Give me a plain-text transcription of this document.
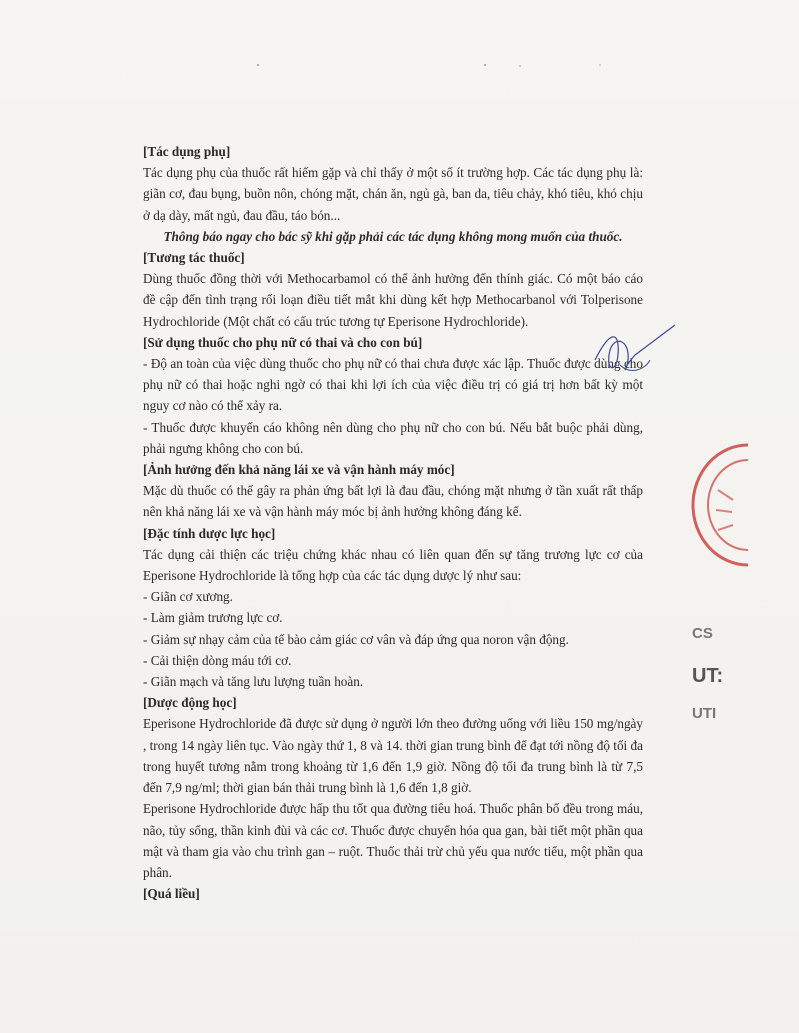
[Tác dụng phụ]

Tác dụng phụ của thuốc rất hiếm gặp và chỉ thấy ở một số ít trường hợp. Các tác dụng phụ là: giãn cơ, đau bụng, buồn nôn, chóng mặt, chán ăn, ngủ gà, ban da, tiêu chảy, khó tiêu, khó chịu ở dạ dày, mất ngủ, đau đầu, táo bón...

Thông báo ngay cho bác sỹ khi gặp phải các tác dụng không mong muốn của thuốc.

[Tương tác thuốc]

Dùng thuốc đồng thời với Methocarbamol có thể ảnh hưởng đến thính giác. Có một báo cáo đề cập đến tình trạng rối loạn điều tiết mắt khi dùng kết hợp Methocarbanol với Tolperisone Hydrochloride (Một chất có cấu trúc tương tự Eperisone Hydrochloride).

[Sử dụng thuốc cho phụ nữ có thai và cho con bú]

- Độ an toàn của việc dùng thuốc cho phụ nữ có thai chưa được xác lập. Thuốc được dùng cho phụ nữ có thai hoặc nghi ngờ có thai khi lợi ích của việc điều trị có giá trị hơn bất kỳ một nguy cơ nào có thể xảy ra.

- Thuốc được khuyến cáo không nên dùng cho phụ nữ cho con bú. Nếu bắt buộc phải dùng, phải ngưng không cho con bú.

[Ảnh hưởng đến khả năng lái xe và vận hành máy móc]

Mặc dù thuốc có thể gây ra phản ứng bất lợi là đau đầu, chóng mặt nhưng ở tần xuất rất thấp nên khả năng lái xe và vận hành máy móc bị ảnh hưởng không đáng kể.

[Đặc tính dược lực học]

Tác dụng cải thiện các triệu chứng khác nhau có liên quan đến sự tăng trương lực cơ của Eperisone Hydrochloride là tổng hợp của các tác dụng dược lý như sau:

- Giãn cơ xương.

- Làm giảm trương lực cơ.

- Giảm sự nhạy cảm của tế bào cảm giác cơ vân và đáp ứng qua noron vận động.

- Cải thiện dòng máu tới cơ.

- Giãn mạch và tăng lưu lượng tuần hoàn.

[Dược động học]

Eperisone Hydrochloride đã được sử dụng ở người lớn theo đường uống với liều 150 mg/ngày , trong 14 ngày liên tục. Vào ngày thứ 1, 8 và 14. thời gian trung bình để đạt tới nồng độ tối đa trong huyết tương nằm trong khoảng từ 1,6 đến 1,9 giờ. Nồng độ tối đa trung bình là từ 7,5 đến 7,9 ng/ml; thời gian bán thải trung bình là 1,6 đến 1,8 giờ.

Eperisone Hydrochloride được hấp thu tốt qua đường tiêu hoá. Thuốc phân bố đều trong máu, não, tủy sống, thần kinh đùi và các cơ. Thuốc được chuyển hóa qua gan, bài tiết một phần qua mật và tham gia vào chu trình gan – ruột. Thuốc thải trừ chủ yếu qua nước tiểu, một phần qua phân.

[Quá liều]

CS
UT:
UTI
